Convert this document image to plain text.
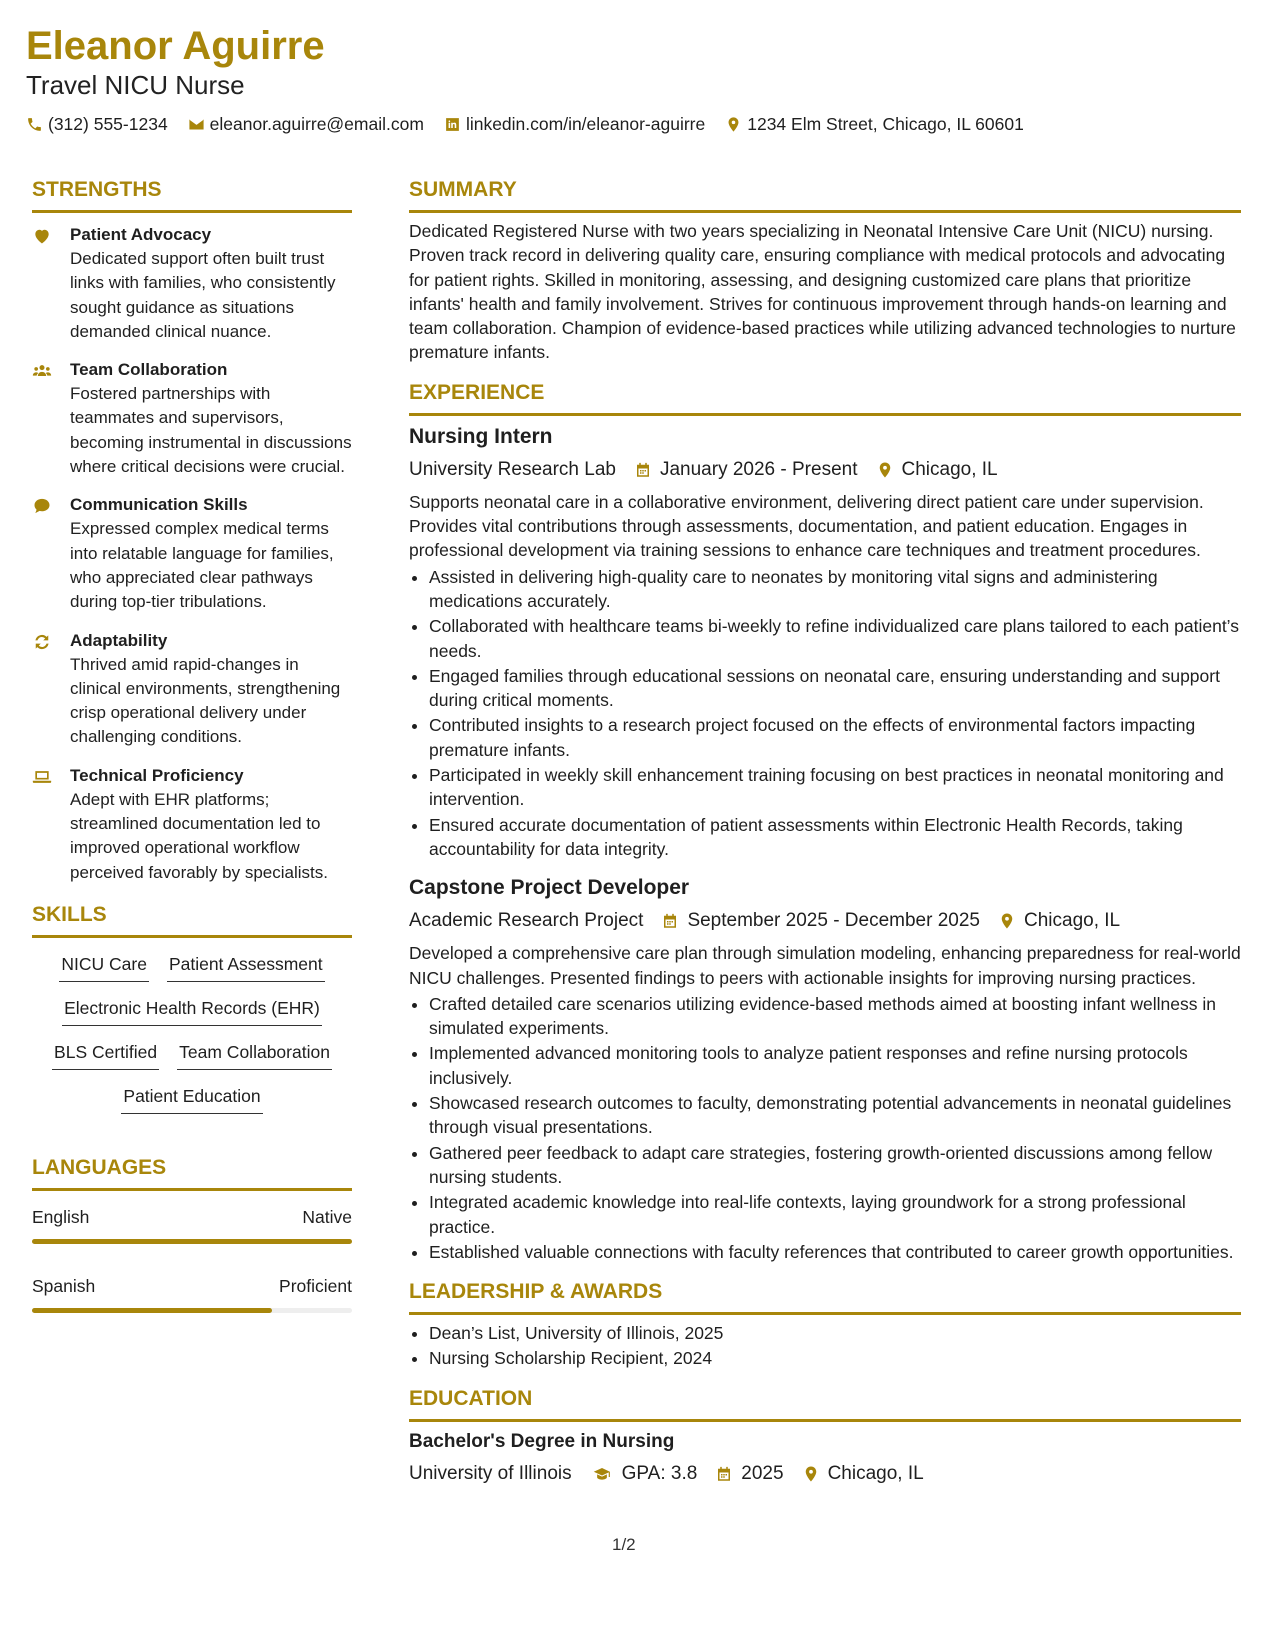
Eleanor Aguirre
Travel NICU Nurse
(312) 555-1234 eleanor.aguirre@email.com linkedin.com/in/eleanor-aguirre 1234 Elm Street, Chicago, IL 60601
STRENGTHS
Patient Advocacy
Dedicated support often built trust links with families, who consistently sought guidance as situations demanded clinical nuance.
Team Collaboration
Fostered partnerships with teammates and supervisors, becoming instrumental in discussions where critical decisions were crucial.
Communication Skills
Expressed complex medical terms into relatable language for families, who appreciated clear pathways during top-tier tribulations.
Adaptability
Thrived amid rapid-changes in clinical environments, strengthening crisp operational delivery under challenging conditions.
Technical Proficiency
Adept with EHR platforms; streamlined documentation led to improved operational workflow perceived favorably by specialists.
SKILLS
NICU Care Patient Assessment
Electronic Health Records (EHR)
BLS Certified Team Collaboration
Patient Education
LANGUAGES
English	Native
Spanish	Proficient
SUMMARY
Dedicated Registered Nurse with two years specializing in Neonatal Intensive Care Unit (NICU) nursing. Proven track record in delivering quality care, ensuring compliance with medical protocols and advocating for patient rights. Skilled in monitoring, assessing, and designing customized care plans that prioritize infants' health and family involvement. Strives for continuous improvement through hands-on learning and team collaboration. Champion of evidence-based practices while utilizing advanced technologies to nurture premature infants.
EXPERIENCE
Nursing Intern
University Research Lab January 2026 - Present Chicago, IL
Supports neonatal care in a collaborative environment, delivering direct patient care under supervision. Provides vital contributions through assessments, documentation, and patient education. Engages in professional development via training sessions to enhance care techniques and treatment procedures.
• Assisted in delivering high-quality care to neonates by monitoring vital signs and administering medications accurately.
• Collaborated with healthcare teams bi-weekly to refine individualized care plans tailored to each patient’s needs.
• Engaged families through educational sessions on neonatal care, ensuring understanding and support during critical moments.
• Contributed insights to a research project focused on the effects of environmental factors impacting premature infants.
• Participated in weekly skill enhancement training focusing on best practices in neonatal monitoring and intervention.
• Ensured accurate documentation of patient assessments within Electronic Health Records, taking accountability for data integrity.
Capstone Project Developer
Academic Research Project September 2025 - December 2025 Chicago, IL
Developed a comprehensive care plan through simulation modeling, enhancing preparedness for real-world NICU challenges. Presented findings to peers with actionable insights for improving nursing practices.
• Crafted detailed care scenarios utilizing evidence-based methods aimed at boosting infant wellness in simulated experiments.
• Implemented advanced monitoring tools to analyze patient responses and refine nursing protocols inclusively.
• Showcased research outcomes to faculty, demonstrating potential advancements in neonatal guidelines through visual presentations.
• Gathered peer feedback to adapt care strategies, fostering growth-oriented discussions among fellow nursing students.
• Integrated academic knowledge into real-life contexts, laying groundwork for a strong professional practice.
• Established valuable connections with faculty references that contributed to career growth opportunities.
LEADERSHIP & AWARDS
• Dean’s List, University of Illinois, 2025
• Nursing Scholarship Recipient, 2024
EDUCATION
Bachelor's Degree in Nursing
University of Illinois	GPA: 3.8 2025 Chicago, IL
1/2
